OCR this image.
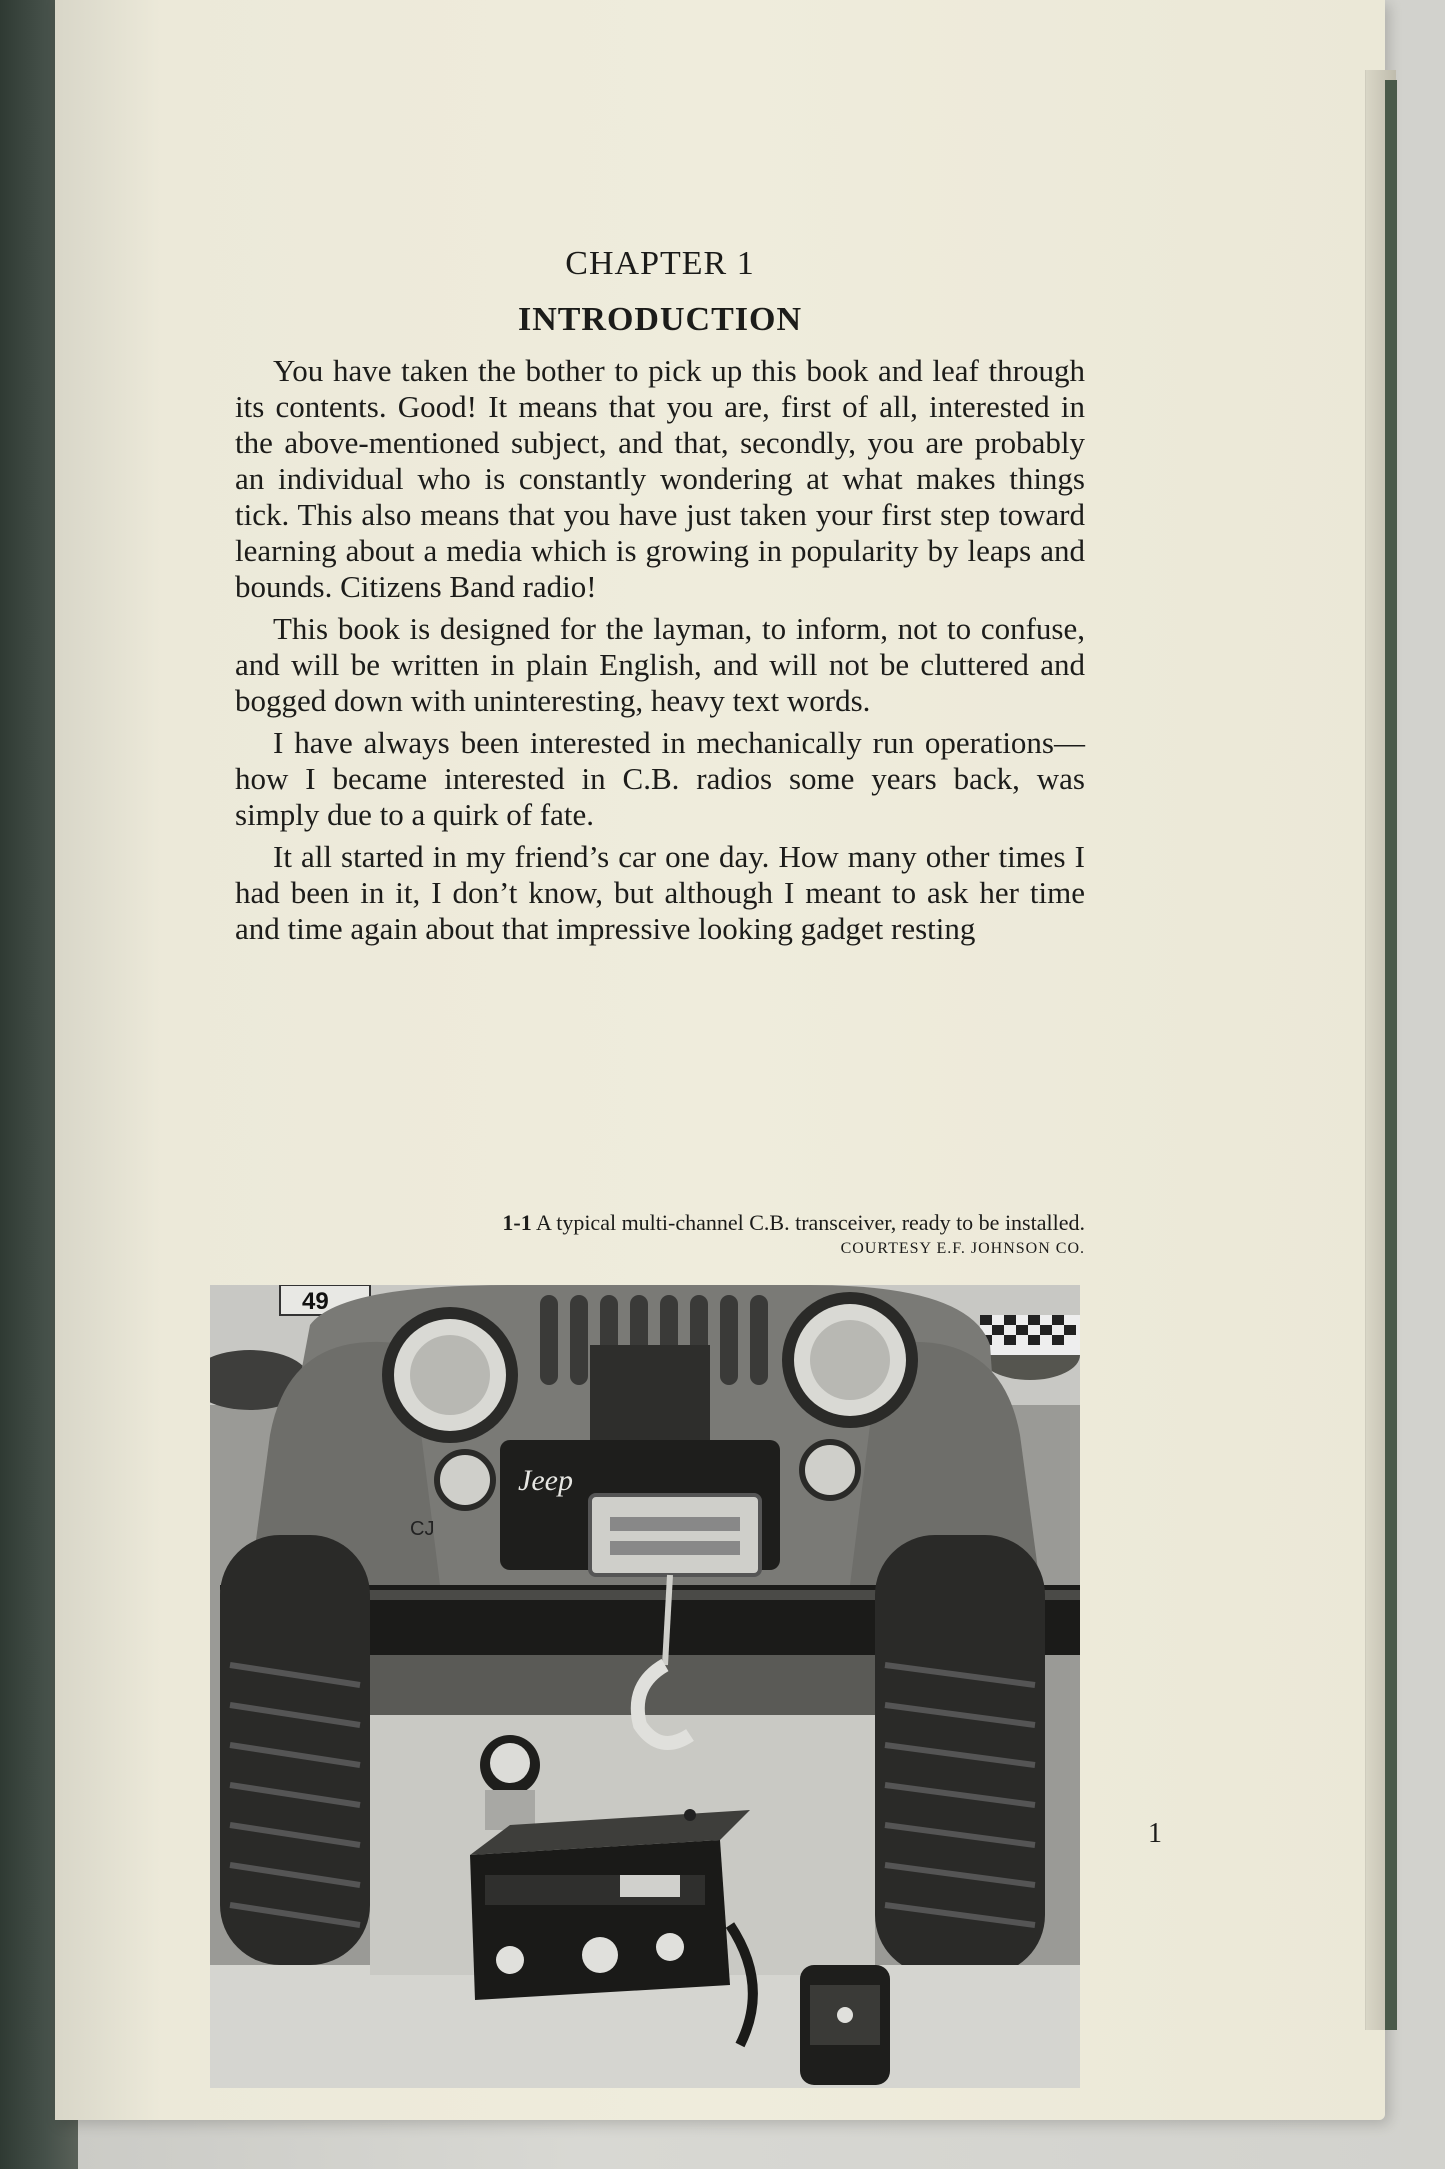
CHAPTER 1
INTRODUCTION

You have taken the bother to pick up this book and leaf through its contents. Good! It means that you are, first of all, interested in the above-mentioned subject, and that, secondly, you are probably an individual who is constantly wondering at what makes things tick. This also means that you have just taken your first step toward learning about a media which is growing in popularity by leaps and bounds. Citizens Band radio!

This book is designed for the layman, to inform, not to confuse, and will be written in plain English, and will not be cluttered and bogged down with uninteresting, heavy text words.

I have always been interested in mechanically run operations—how I became interested in C.B. radios some years back, was simply due to a quirk of fate.

It all started in my friend’s car one day. How many other times I had been in it, I don’t know, but although I meant to ask her time and time again about that impressive looking gadget resting

1-1 A typical multi-channel C.B. transceiver, ready to be installed.
COURTESY E.F. JOHNSON CO.
49
Jeep
CJ
1
